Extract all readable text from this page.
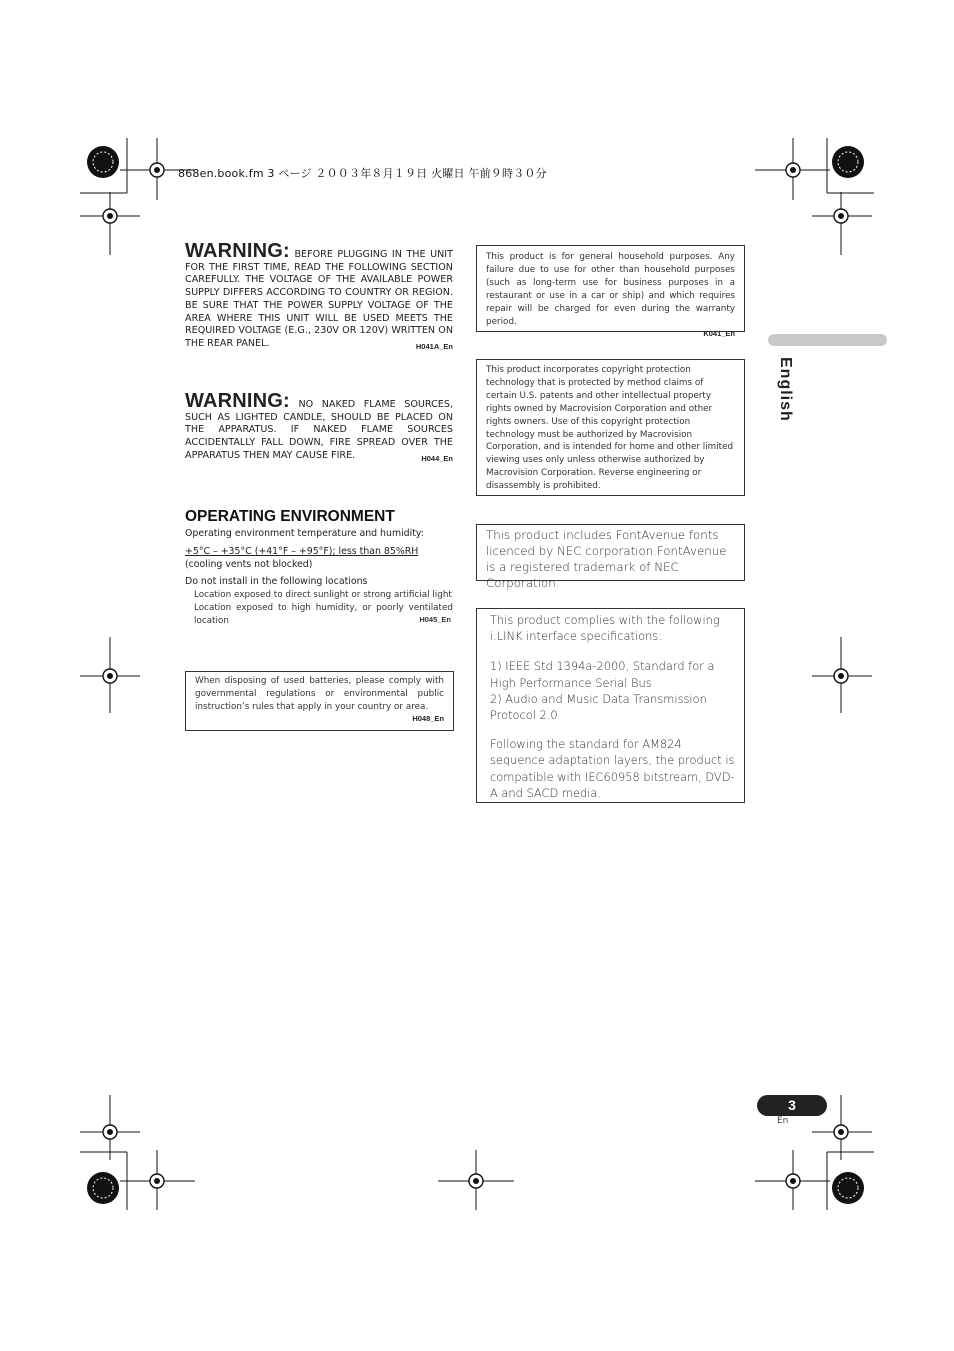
868en.book.fm 3 ページ ２００３年８月１９日 火曜日 午前９時３０分
WARNING: BEFORE PLUGGING IN THE UNIT FOR THE FIRST TIME, READ THE FOLLOWING SECTION CAREFULLY. THE VOLTAGE OF THE AVAILABLE POWER SUPPLY DIFFERS ACCORDING TO COUNTRY OR REGION. BE SURE THAT THE POWER SUPPLY VOLTAGE OF THE AREA WHERE THIS UNIT WILL BE USED MEETS THE REQUIRED VOLTAGE (E.G., 230V OR 120V) WRITTEN ON THE REAR PANEL.	H041A_En
WARNING: NO NAKED FLAME SOURCES, SUCH AS LIGHTED CANDLE, SHOULD BE PLACED ON THE APPARATUS. IF NAKED FLAME SOURCES ACCIDENTALLY FALL DOWN, FIRE SPREAD OVER THE APPARATUS THEN MAY CAUSE FIRE.	H044_En
OPERATING ENVIRONMENT
Operating environment temperature and humidity:
+5°C – +35°C (+41°F – +95°F); less than 85%RH (cooling vents not blocked)
Do not install in the following locations
Location exposed to direct sunlight or strong artificial light
Location exposed to high humidity, or poorly ventilated location	H045_En
When disposing of used batteries, please comply with governmental regulations or environmental public instruction’s rules that apply in your country or area.
H048_En
This product is for general household purposes. Any failure due to use for other than household purposes (such as long-term use for business purposes in a restaurant or use in a car or ship) and which requires repair will be charged for even during the warranty period.
K041_En
This product incorporates copyright protection technology that is protected by method claims of certain U.S. patents and other intellectual property rights owned by Macrovision Corporation and other rights owners. Use of this copyright protection technology must be authorized by Macrovision Corporation, and is intended for home and other limited viewing uses only unless otherwise authorized by Macrovision Corporation. Reverse engineering or disassembly is prohibited.
This product includes FontAvenue fonts licenced by NEC corporation.FontAvenue is a registered trademark of NEC Corporation.
This product complies with the following i.LINK interface specifications:
1) IEEE Std 1394a-2000, Standard for a High Performance Serial Bus
2) Audio and Music Data Transmission Protocol 2.0
Following the standard for AM824 sequence adaptation layers, the product is compatible with IEC60958 bitstream, DVD-A and SACD media.
English
3
En
